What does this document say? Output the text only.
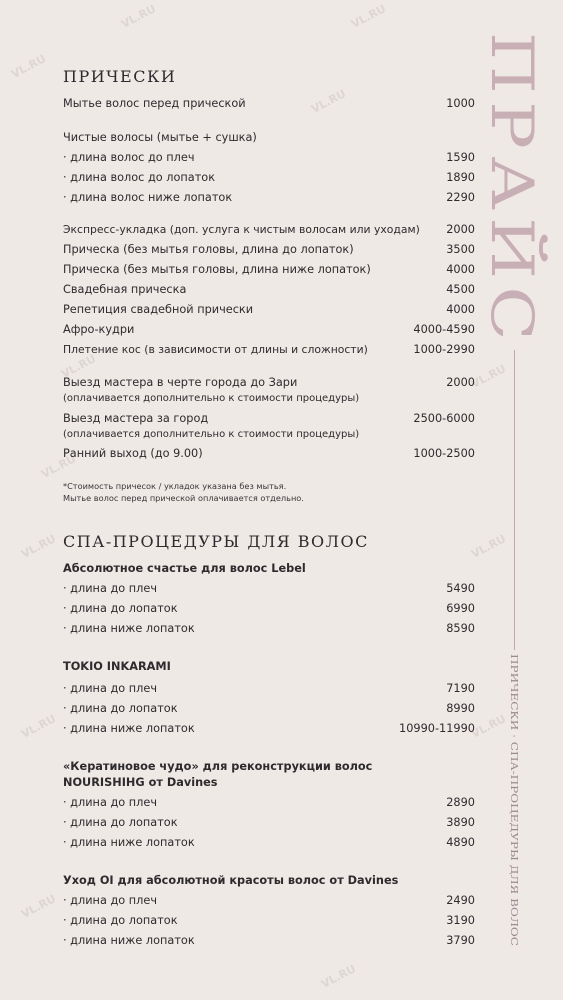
VL.RU	VL.RU
VL.RU
VL.RU
VL.RU	VL.RU
VL.RU
VL.RU	VL.RU
VL.RU	VL.RU
VL.RU
VL.RU
ПРАЙС
ПРИЧЕСКИ · СПА-ПРОЦЕДУРЫ ДЛЯ ВОЛОС
ПРИЧЕСКИ
Мытье волос перед прической	1000
Чистые волосы (мытье + сушка)
· длина волос до плеч	1590
· длина волос до лопаток	1890
· длина волос ниже лопаток	2290
Экспресс-укладка (доп. услуга к чистым волосам или уходам) 2000
Прическа (без мытья головы, длина до лопаток)	3500
Прическа (без мытья головы, длина ниже лопаток)	4000
Свадебная прическа	4500
Репетиция свадебной прически	4000
Афро-кудри	4000-4590
Плетение кос (в зависимости от длины и сложности)	1000-2990
Выезд мастера в черте города до Зари	2000
(оплачивается дополнительно к стоимости процедуры)
Выезд мастера за город	2500-6000
(оплачивается дополнительно к стоимости процедуры)
Ранний выход (до 9.00)	1000-2500
*Стоимость причесок / укладок указана без мытья.
Мытье волос перед прической оплачивается отдельно.
СПА-ПРОЦЕДУРЫ ДЛЯ ВОЛОС
Абсолютное счастье для волос Lebel
· длина до плеч	5490
· длина до лопаток	6990
· длина ниже лопаток	8590
TOKIO INKARAMI
· длина до плеч	7190
· длина до лопаток	8990
· длина ниже лопаток	10990-11990
«Кератиновое чудо» для реконструкции волос
NOURISHIHG от Davines
· длина до плеч	2890
· длина до лопаток	3890
· длина ниже лопаток	4890
Уход OI для абсолютной красоты волос от Davines
· длина до плеч	2490
· длина до лопаток	3190
· длина ниже лопаток	3790
